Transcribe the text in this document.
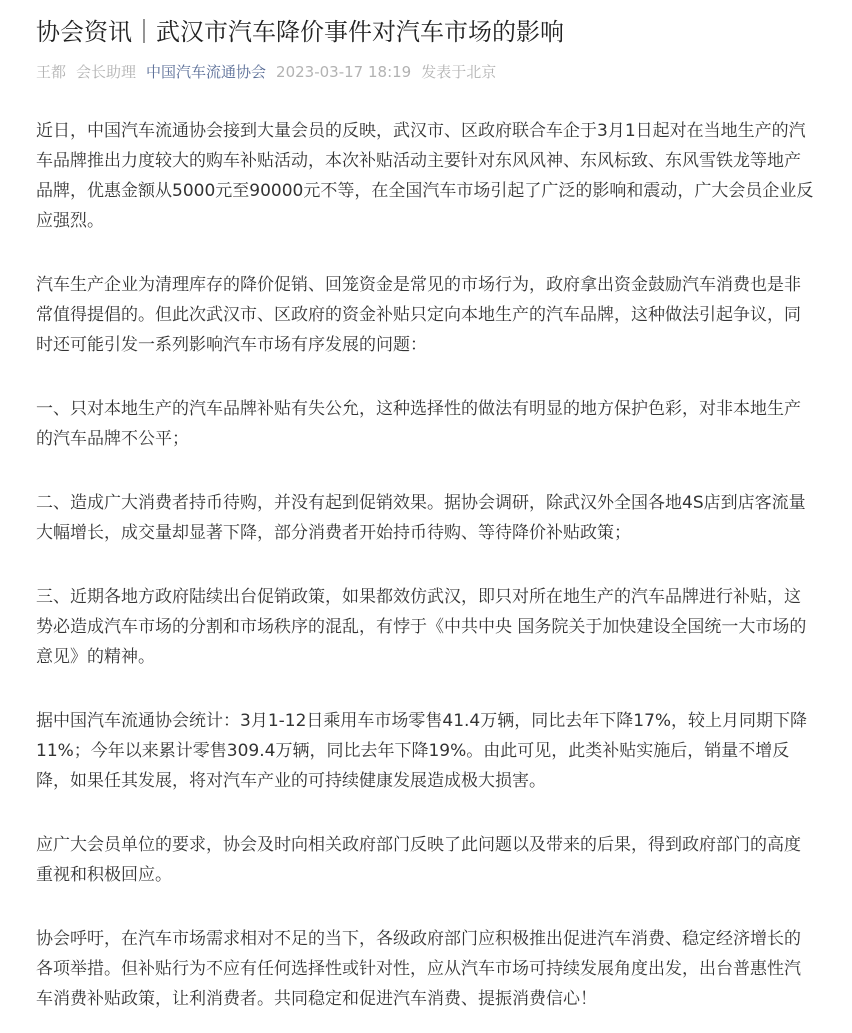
协会资讯｜武汉市汽车降价事件对汽车市场的影响
王都 会长助理 中国汽车流通协会 2023-03-17 18:19 发表于北京

近日，中国汽车流通协会接到大量会员的反映，武汉市、区政府联合车企于3月1日起对在当地生产的汽车品牌推出力度较大的购车补贴活动，本次补贴活动主要针对东风风神、东风标致、东风雪铁龙等地产品牌，优惠金额从5000元至90000元不等，在全国汽车市场引起了广泛的影响和震动，广大会员企业反应强烈。

汽车生产企业为清理库存的降价促销、回笼资金是常见的市场行为，政府拿出资金鼓励汽车消费也是非常值得提倡的。但此次武汉市、区政府的资金补贴只定向本地生产的汽车品牌，这种做法引起争议，同时还可能引发一系列影响汽车市场有序发展的问题：

一、只对本地生产的汽车品牌补贴有失公允，这种选择性的做法有明显的地方保护色彩，对非本地生产的汽车品牌不公平；

二、造成广大消费者持币待购，并没有起到促销效果。据协会调研，除武汉外全国各地4S店到店客流量大幅增长，成交量却显著下降，部分消费者开始持币待购、等待降价补贴政策；

三、近期各地方政府陆续出台促销政策，如果都效仿武汉，即只对所在地生产的汽车品牌进行补贴，这势必造成汽车市场的分割和市场秩序的混乱，有悖于《中共中央 国务院关于加快建设全国统一大市场的意见》的精神。

据中国汽车流通协会统计：3月1-12日乘用车市场零售41.4万辆，同比去年下降17%，较上月同期下降11%；今年以来累计零售309.4万辆，同比去年下降19%。由此可见，此类补贴实施后，销量不增反降，如果任其发展，将对汽车产业的可持续健康发展造成极大损害。

应广大会员单位的要求，协会及时向相关政府部门反映了此问题以及带来的后果，得到政府部门的高度重视和积极回应。

协会呼吁，在汽车市场需求相对不足的当下，各级政府部门应积极推出促进汽车消费、稳定经济增长的各项举措。但补贴行为不应有任何选择性或针对性，应从汽车市场可持续发展角度出发，出台普惠性汽车消费补贴政策，让利消费者。共同稳定和促进汽车消费、提振消费信心！
